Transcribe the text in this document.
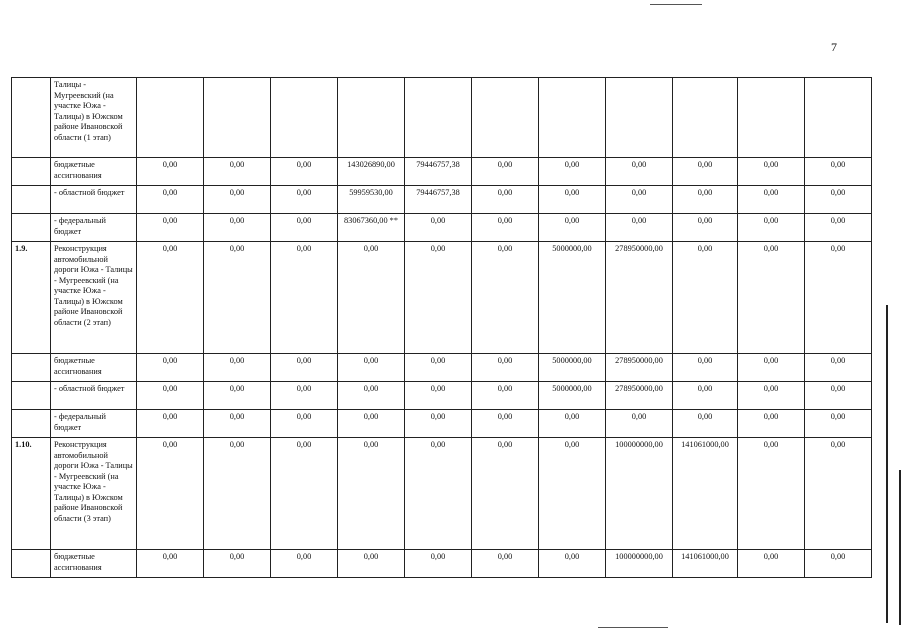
7
	Талицы - Мугреевский (на участке Южа - Талицы) в Южском районе Ивановской области (1 этап)											
	бюджетные ассигнования	0,00	0,00	0,00	143026890,00	79446757,38	0,00	0,00	0,00	0,00	0,00	0,00
	- областной бюджет	0,00	0,00	0,00	59959530,00	79446757,38	0,00	0,00	0,00	0,00	0,00	0,00
	- федеральный бюджет	0,00	0,00	0,00	83067360,00 **	0,00	0,00	0,00	0,00	0,00	0,00	0,00
1.9.	Реконструкция автомобильной дороги Южа - Талицы - Мугреевский (на участке Южа - Талицы) в Южском районе Ивановской области (2 этап)	0,00	0,00	0,00	0,00	0,00	0,00	5000000,00	278950000,00	0,00	0,00	0,00
	бюджетные ассигнования	0,00	0,00	0,00	0,00	0,00	0,00	5000000,00	278950000,00	0,00	0,00	0,00
	- областной бюджет	0,00	0,00	0,00	0,00	0,00	0,00	5000000,00	278950000,00	0,00	0,00	0,00
	- федеральный бюджет	0,00	0,00	0,00	0,00	0,00	0,00	0,00	0,00	0,00	0,00	0,00
1.10.	Реконструкция автомобильной дороги Южа - Талицы - Мугреевский (на участке Южа - Талицы) в Южском районе Ивановской области (3 этап)	0,00	0,00	0,00	0,00	0,00	0,00	0,00	100000000,00	141061000,00	0,00	0,00
	бюджетные ассигнования	0,00	0,00	0,00	0,00	0,00	0,00	0,00	100000000,00	141061000,00	0,00	0,00
